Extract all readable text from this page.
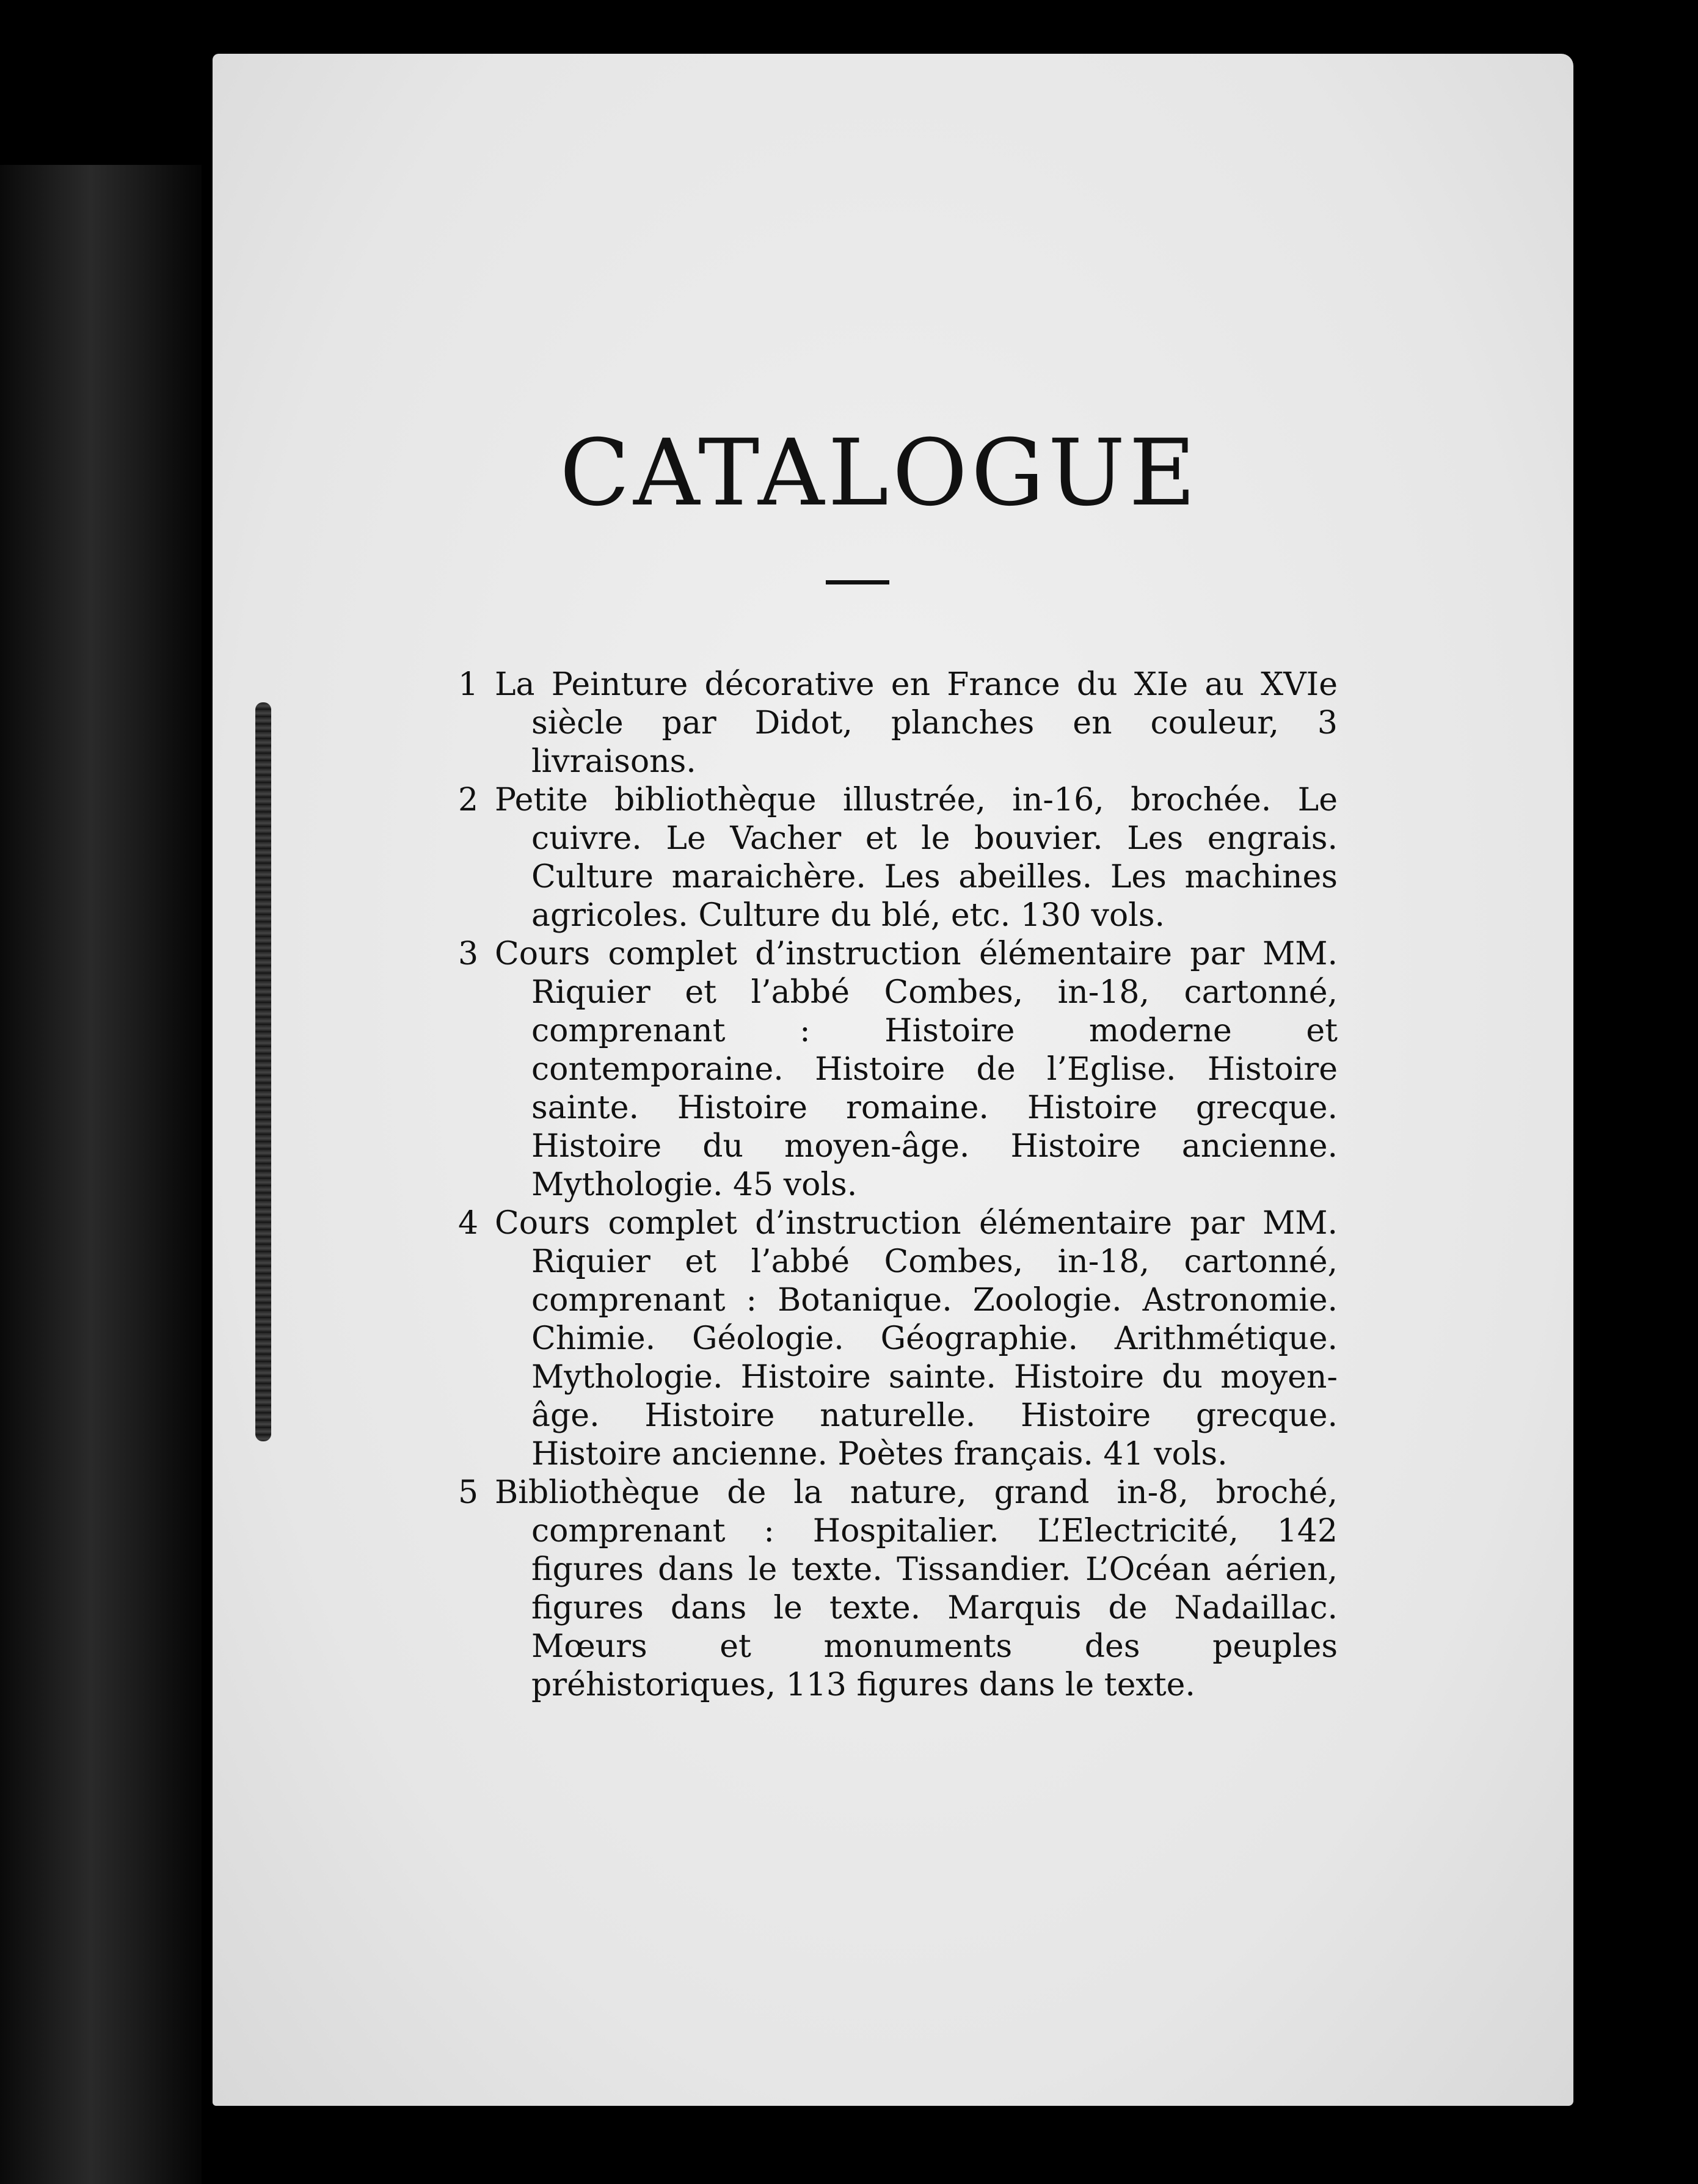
CATALOGUE
1 La Peinture décorative en France du XIe au XVIe siècle par Didot, planches en couleur, 3 livraisons.
2 Petite bibliothèque illustrée, in-16, brochée. Le cuivre. Le Vacher et le bouvier. Les engrais. Culture maraichère. Les abeilles. Les machines agricoles. Culture du blé, etc. 130 vols.
3 Cours complet d’instruction élémentaire par MM. Riquier et l’abbé Combes, in-18, cartonné, comprenant : Histoire moderne et contemporaine. Histoire de l’Eglise. Histoire sainte. Histoire romaine. Histoire grecque. Histoire du moyen-âge. Histoire ancienne. Mythologie. 45 vols.
4 Cours complet d’instruction élémentaire par MM. Riquier et l’abbé Combes, in-18, cartonné, comprenant : Botanique. Zoologie. Astronomie. Chimie. Géologie. Géographie. Arithmétique. Mythologie. Histoire sainte. Histoire du moyen-âge. Histoire naturelle. Histoire grecque. Histoire ancienne. Poètes français. 41 vols.
5 Bibliothèque de la nature, grand in-8, broché, comprenant : Hospitalier. L’Electricité, 142 figures dans le texte. Tissandier. L’Océan aérien, figures dans le texte. Marquis de Nadaillac. Mœurs et monuments des peuples préhistoriques, 113 figures dans le texte.
